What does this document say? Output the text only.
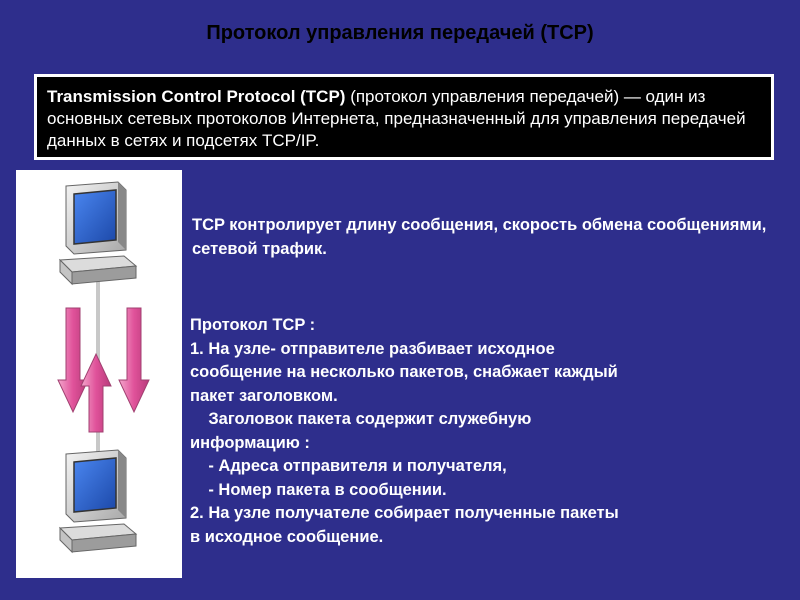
Протокол управления передачей (TCP)
Transmission Control Protocol (TCP) (протокол управления передачей) — один из основных сетевых протоколов Интернета, предназначенный для управления передачей данных в сетях и подсетях TCP/IP.
TCP контролирует длину сообщения, скорость обмена сообщениями, сетевой трафик.
Протокол TCP :
1. На узле- отправителе разбивает исходное
сообщение на несколько пакетов, снабжает каждый
пакет заголовком.
Заголовок пакета содержит служебную
информацию :
- Адреса отправителя и получателя,
- Номер пакета в сообщении.
2. На узле получателе собирает полученные пакеты
в исходное сообщение.
